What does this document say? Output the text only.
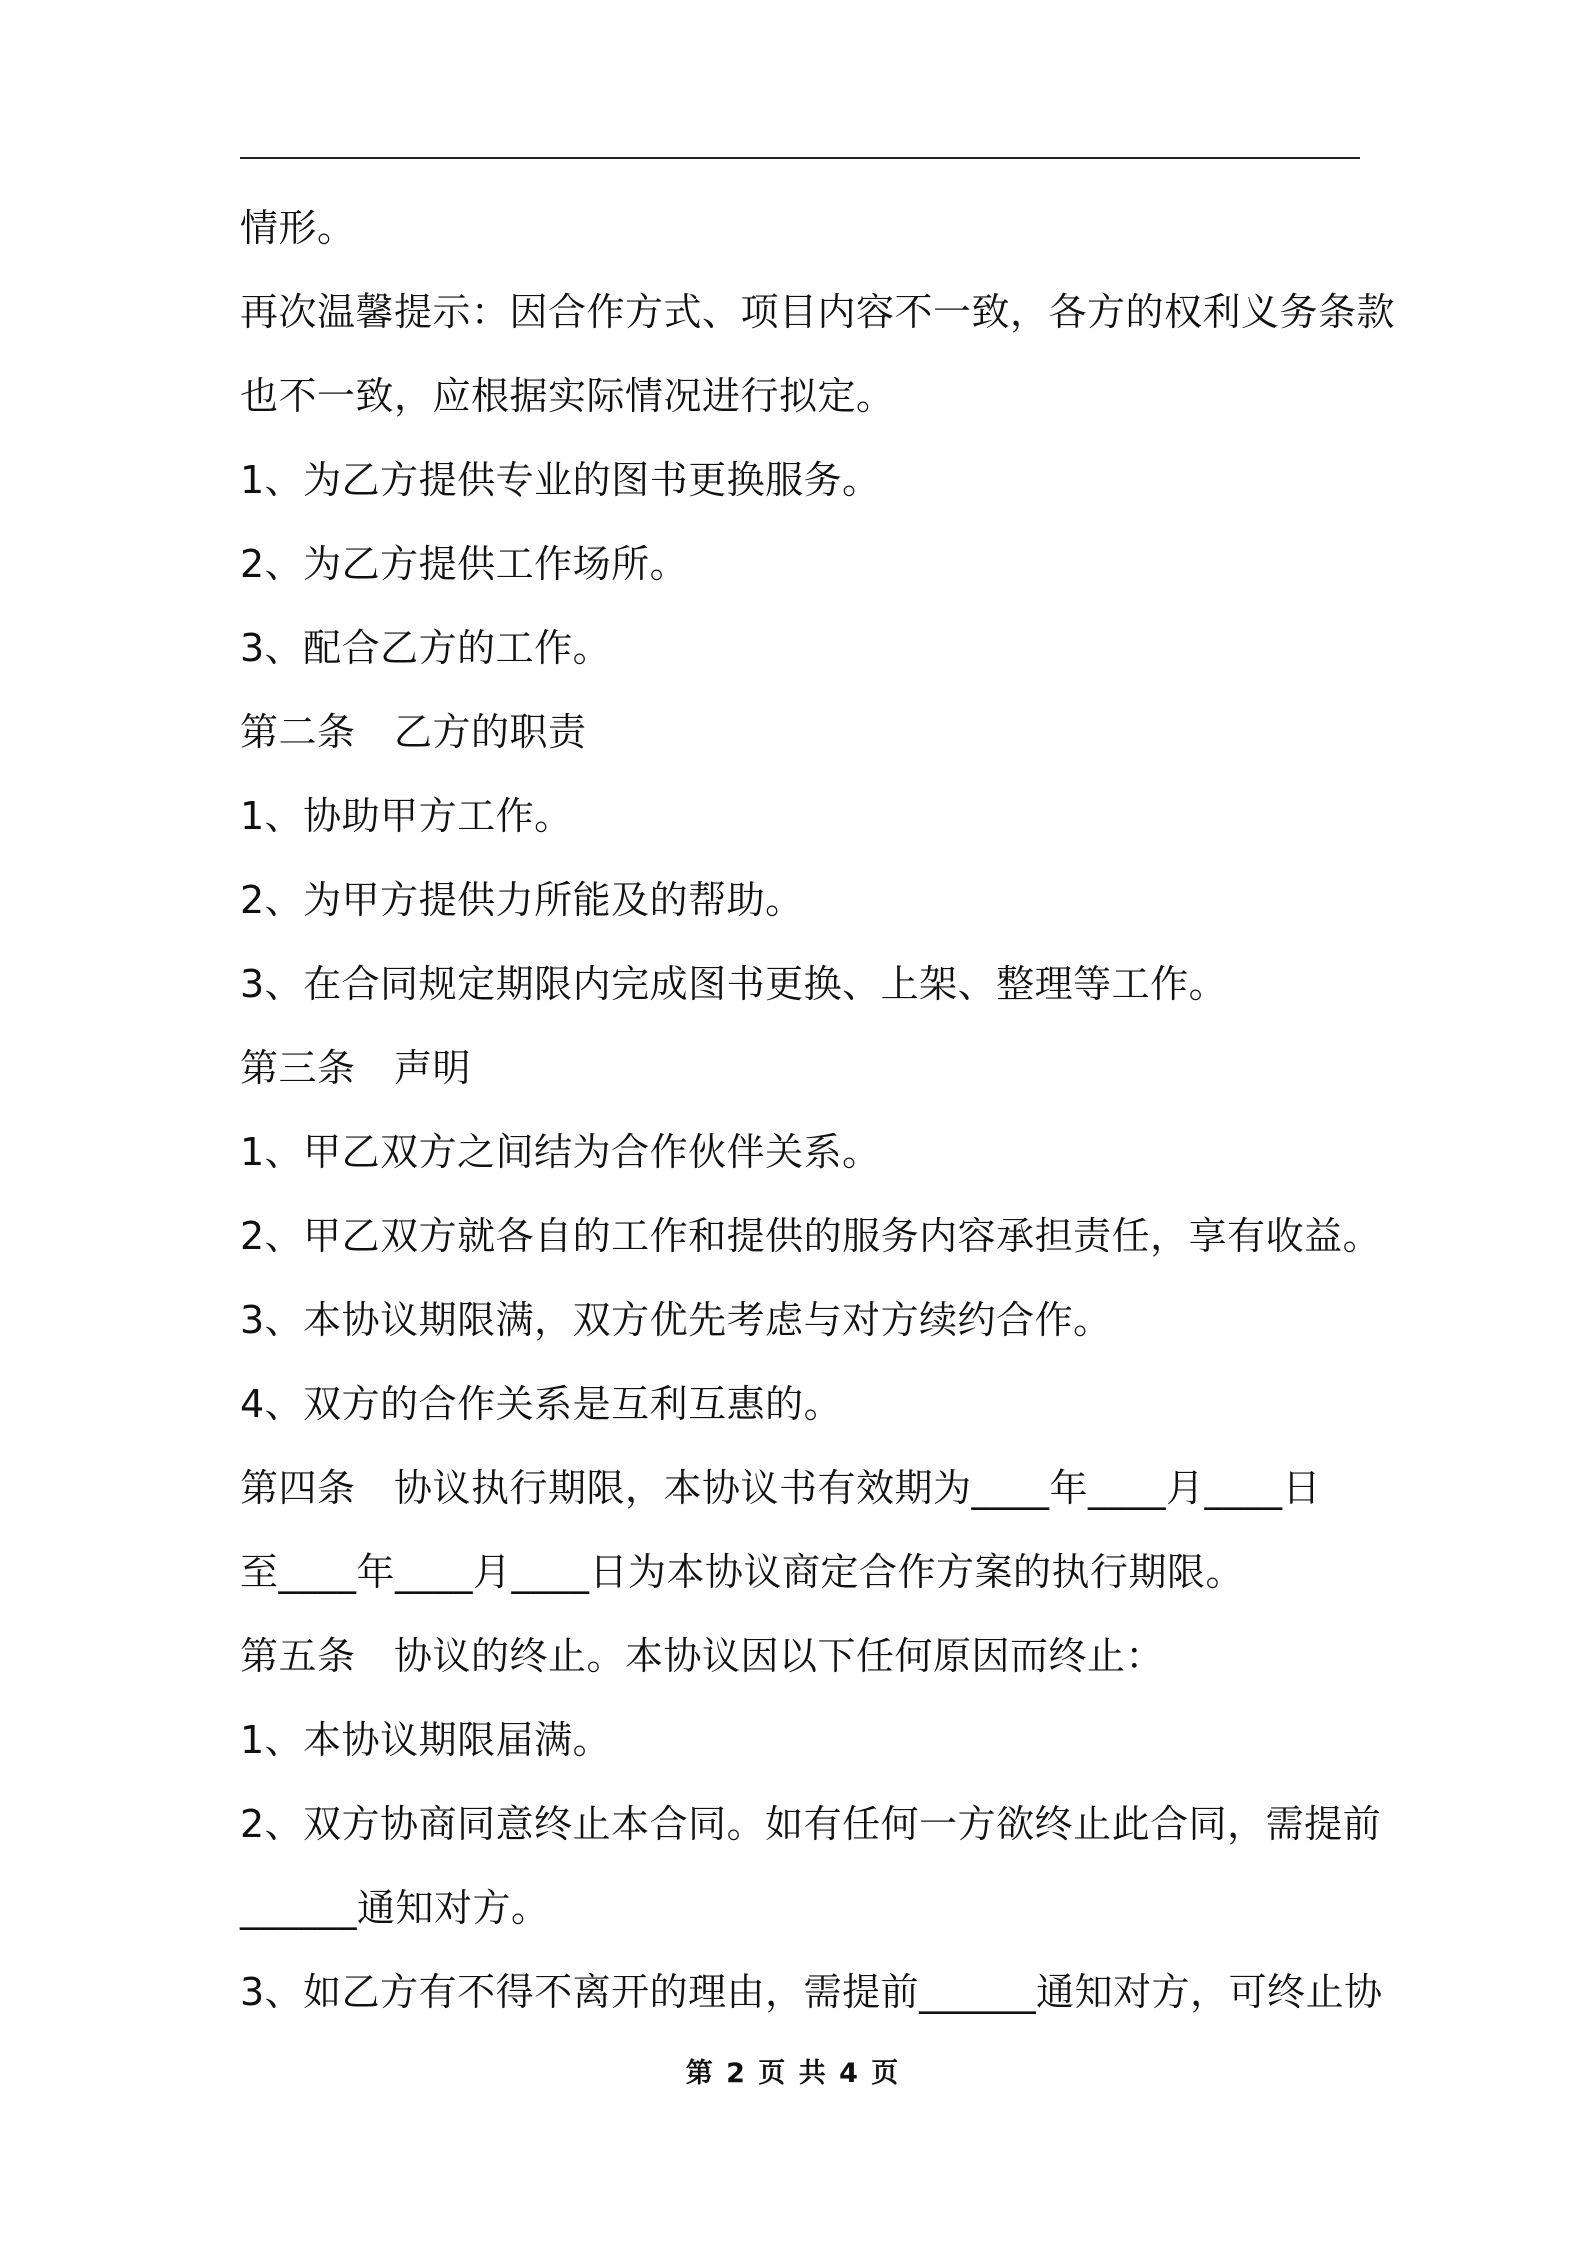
情形。
再次温馨提示：因合作方式、项目内容不一致，各方的权利义务条款
也不一致，应根据实际情况进行拟定。
1、为乙方提供专业的图书更换服务。
2、为乙方提供工作场所。
3、配合乙方的工作。
第二条　乙方的职责
1、协助甲方工作。
2、为甲方提供力所能及的帮助。
3、在合同规定期限内完成图书更换、上架、整理等工作。
第三条　声明
1、甲乙双方之间结为合作伙伴关系。
2、甲乙双方就各自的工作和提供的服务内容承担责任，享有收益。
3、本协议期限满，双方优先考虑与对方续约合作。
4、双方的合作关系是互利互惠的。
第四条　协议执行期限，本协议书有效期为____年____月____日
至____年____月____日为本协议商定合作方案的执行期限。
第五条　协议的终止。本协议因以下任何原因而终止：
1、本协议期限届满。
2、双方协商同意终止本合同。如有任何一方欲终止此合同，需提前
______通知对方。
3、如乙方有不得不离开的理由，需提前______通知对方，可终止协
第 2 页 共 4 页
